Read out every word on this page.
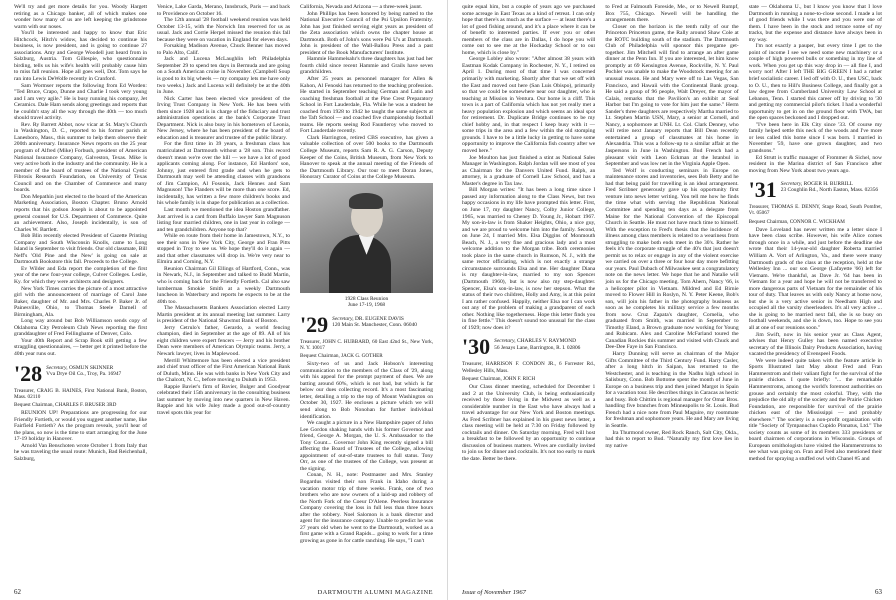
We'll try and get more details for you. Woody Hargett retiring as a Chicago banker, all of which makes one wonder how many of us are left keeping the grindstone warm with our noses.

You'll be interested and happy to know that Eric Hitchcock, Hitch's widow, has decided to continue his business, is now president, and is going to continue 27 associations. Amy and George Woodell just heard from in Salzburg, Austria. Tom Gillespie, who questionnaire birding, tells us his wife's health will probably cause him to miss fall reunion. Hope all goes well, Dot. Tom says he ran into Lewis DeWolfe recently in Cranford.

Sam Wormser reports the following from Ed Worden: "Ted Bruce, Crapo, Dunne and Charlie I took very young and I am very agile." He is busy running his company, Jet Ceramics. Dale Ham sends along greetings and reports that he couldn't stay all the way through the 40th — too much should travel activity.

Rev. Ry Barrett Abbot, now vicar at St. Mary's Church in Washington, D. C., reported to his former parish at Lanesboro, Mass., this summer to help them observe their 200th anniversary. Insurance News reports on the 25 year program of Alfred (Mike) Forbush, president of American National Insurance Company, Galveston, Texas. Mike is very active both in the industry and the community. He is a member of the board of trustees of the National Cystic Fibrosis Research Foundation, on University of Texas Council and on the Chamber of Commerce and many boards.

Don Mepathin just elected to the board of the American Marketing Association, Boston Chapter. Bruno Arnold reports that his godson Joseph is about to be appointed general counsel for U.S. Department of Commerce. Quite an achievement. Also, Joseph incidentally, is son of Charles W. Bartlett.

Bob Blin recently elected President of Gazette Printing Company and South Wisconsin Knolls, came to Long Island in September to visit friends. Our old classmate, Bill Neff's 'Old Pine and the New' is going on sale at Dartmouth Bookstore this fall. Proceeds to the College.

Ev Wilder and Eda report the completion of the first year of the new four-year college, Culver Colleges. Leslie, Ky. for which they were architects and designers.

New York Times carries the picture of a most attractive girl with the announcement of marriage of Carol Jane Baker, daughter of Mr. and Mrs. Charles P. Baker Jr. of Painesville, Ohio, to Thomas Steele Darnell of Birmingham, Ala.

Long way around but Bob Williamson sends copy of Oklahoma City Petroleum Club News reporting the first granddaughter of Fred Fellinghame of Denver, Colo.

Your 40th Report and Scrap Book still getting a few straggling questionnaires, — better get it printed before the 40th year runs out.

'28 Secretary, OSMUN SKINNER
Vva Drye Oil Co., Troy, Pa. 16947
Treasurer, CRAIG B. HAINES, First National Bank, Boston, Mass. 02110
Bequest Chairman, CHARLES F. BRUSER 3RD

REUNION UP! Preparations are progressing for our Friendly Fortieth, or would you suggest another name, like Fairfield Fortieth? As the program reveals, you'll hear of the plans, so now is the time to start arranging for the June 17-19 holiday in Hanover.

Arnold Van Benschoten wrote October 1 from Italy that he was traveling the usual route: Munich, Bad Reichenhall, Salzburg,

Venice, Lake Garda, Merano, Innsbruck, Paris — and back to Providence on October 16.

The 12th annual '28 football weekend reunion was held October 13-15, with the Norwich Inn reserved for us as usual. Jack and Corrie Herpel missed the reunion this fall because they were on vacation in England for eleven days.

Forsaking Madison Avenue, Chuck Benner has moved to Palo Alto, Calif.

Jack and Lucena McLaughlin left Philadelphia September 29 to spend ten days in Bermuda and are going on a South American cruise in November. (Campbell Soup is good to its big wheels — my company lets me have only two weeks.) Jack and Lucena will definitely be at the 40th in June.

Nick Carter has been elected vice president of the Irving Trust Company in New York. He has been with them since 1928 and is in charge of the fiduciary and trust administration operations at the bank's Corporate Trust Department. Nick is also busy in his hometown of Leonia, New Jersey, where he has been president of the board of education and is treasurer and trustee of the public library.

For the first time in 39 years, a freshman class has matriculated at Dartmouth without a '28 son. This record doesn't mean we're over the hill — we have a lot of good applicants coming along. For instance, Ed Hardors' son, Johnny, just entered first grade and when he gets to Dartmouth may well be attending classes with grandsons of Jim Campion, Al Fosonis, Jack Hennes and Sam Magnuson! The Flanders will be more than one score. Ed, incidentally, has written a few more children's books and his whole family is in shape for publication as a collection.

Last month we mentioned the idea Hoston grandfather. Just arrived is a card from Buffalo lawyer Sam Magnuson listing four married children, one in last year in college — and ten grandchildren. Anyone top that?

While en route from their home in Jamestown, N.Y., to see their sons in New York City, George and Fran Pitts stopped in Troy to see us. We hope they'll do it again — and that other classmates will drop in. We're very near to Elmira and Corning, N.Y.

Reunion Chairman Gil Ellings of Hartford, Conn., was in Newark, N.J., in September and talked to Budd Martin, who is coming back for the Friendly Fortieth. Cal also saw lumberman Smokie Smith at a weekly Dartmouth luncheon in Waterbury and reports he expects to be at the 40th too.

The Massachusetts Bankers Association elected Larry Martin president at its annual meeting last summer. Larry is president of the National Shawmut Bank of Boston.

Jerry Cetrulo's father, Gerardo, a world fencing champion, died in September at the age of 89. All of his eight children were expert fencers — Jerry and his brother Dean were members of American Olympic teams. Jerry, a Newark lawyer, lives in Maplewood.

Merrill Whittemore has been elected a vice president and chief trust officer of the First American National Bank of Duluth, Minn. He was with banks in New York City and the Chalcott, N. C., before moving to Duluth in 1953.

Rappie Bavier's firm of Bavier, Bulger and Goodyear celebrated their 15th anniversary in the consulting business last summer by moving into new quarters in New Haven. Rappie and his wife Juley made a good out-of-country travel spots this year for

California, Nevada and Arizona — a three-week jaunt.

John Phillips has been honored by being named to the National Executive Council of the Psi Upsilon Fraternity. John has just finished serving eight years as president of the Zeta association which owns the chapter house at Dartmouth. Both of John's sons were Psi U's at Dartmouth. John is president of the Wall-Ballou Press and a past president of the Book Manufacturers' Institute.

Hammie Hammelsahr's three daughters has just had her fourth child since recent Hammie and Grails have seven grandchildren.

After 25 years as personnel manager for Allen & Kahon, Al Fenoski has returned to the teaching profession. He started in September teaching German and Latin and coaching freshman football at the Pine Crest Preparatory School in Fort Lauderdale, Fla. While he was a student he coached from 1928 to 1942 he taught the same subjects at the Taft School — and coached five championship football teams. He reports seeing Rod Fauntleroy who moved to Fort Lauderdale recently.

Clark Harrington, retired CBS executive, has given a valuable collection of over 500 books to the Dartmouth College Museum, reports Sam R. A. G. Carson, Deputy Keeper of the Coins, British Museum, from New York to Hanover to speak at the annual meeting of the Friends of the Dartmouth Library. Our tour to meet Doran Jones, Honorary Curator of Coins at the College Museum.

1928 Class Reunion
June 17-19, 1968
'29 Secretary, DR. EUGENE DAVIS
120 Main St. Manchester, Conn. 06040
Treasurer, JOHN C. HUBBARD, 60 East 42nd St., New York, N. Y. 10017
Bequest Chairman, JACK G. GOTHER

Sixty-two of us and Jack Hobson's interesting communication to the members of the Class of '29, along with his appeal for the prompt payment of dues. We are batting around 60%, which is not bad, but which is far below our dues collecting record. It's a most fascinating letter, detailing a trip to the top of Mount Washington on October 30, 1927. He encloses a picture which we will send along to Bob Nonohan for further individual identification.

We caught a picture in a New Hampshire paper of John Lee Gordon shaking hands with his former Governor and friend, George A. Morgan, the U. S. Ambassador to the Tony Count... Governor John King recently signed a bill affecting the Board of Trustees of the College, allowing appointment of out-of-state trustees to full status. Tony Orr, as one of the trustees of the College, was present at the signing.

Conan, N. H., note: Postmaster and Mrs. Stanley Bogardus visited their son Frank in Idaho during a vacation motor trip of three weeks. Frank, one of two brothers who are now owners of a laid-up and robbery of the North Fork of the Coeur D'Alene. Peerless Insurance Company covering the loss in full less than three hours after the robbery. Noel Salomon is a bank director and agent for the insurance company. Unable to predict he was 27 years old when he went to the Dartmouth, worked as a first game with a Grand Rapids... going to work for a time growing as gone in for cattle ranching. He says, "I can't

62	DARTMOUTH ALUMNI MAGAZINE

quite equal him, but a couple of years ago we purchased some acreage in East Texas as a kind of retreat. I can only hope that there's as much as the surface — at least there's a lot of good fishing around, and it's a place where it can be of benefit to interested parties. If ever you or other members of the class are in Dallas, I do hope you will come out to see me at the Hockaday School or to our home, which is close by."

George Lobley also wrote: "After almost 38 years with Eastman Kodak Company in Rochester, N. Y., I retired on April 1. During most of that time I was concerned primarily with marketing. Shortly after that we set off with the East and moved out here (San Luis Obispo), primarily so that we could be somewhere near our daughter, who is teaching at Mission in Ventura. Our home is a cliff. This town is a part of California which has not yet really met a heavy population explosion and which seems an ideal spot for retirement. Dr. Duplicate Bridge continues to be my chief hobby and, in that respect I keep busy with it — some trips in the area and a few within the old stomping grounds. I have to be a little lucky in getting to have some opportunity to improve the California fish country after we moved here."

Joe Moulton has just finished a stint as National Sales Manager in Washington. Ralph Jordan will see most of you as Chairman for the Danvers United Fund. Ralph, an attorney, is a graduate of Cornell Law School, and has a Master's degree in Tax law.

Bill Morgan writes: "It has been a long time since I passed any information along to the Class News, but two happy occasions in my life have prompted this letter. First, on June 17, my daughter Nancy, Colby Junior College, 1965, was married to Cheney D. Young Jr., Hobart 1967. My son-in-law is from Shaker Heights, Ohio, a nice guy, and we are proud to welcome him into the family. Second, on June 24, I married Mrs. Elsa Diggins of Monmouth Beach, N. J., a very fine and gracious lady and a most welcome addition to the Morgan tribe. Both ceremonies took place in the same church in Rumson, N. J., with the same rector officiating, which is not exactly a strange circumstance surrounds Elsa and me. Her daughter Diana is my daughter-in-law, married to my son Spencer (Dartmouth 1960), but is now also my step-daughter. Spencer, Elsa's son-in-law, is now her stepson. What the status of their two children, Holly and Amy, is at this point I am rather confused. Happily, neither Elsa nor I can work out any of the problem of making a grandparent of each other. Nothing like togetherness. Hope this letter finds you in fine fettle." This doesn't sound too unusual for the class of 1929; now does it?

'30 Secretary, CHARLES V. RAYMOND
56 Jenays Lane, Barrington, R. I. 02806
Treasurer, HARRISON F. CONDON JR., 6 Forrester Rd., Wellesley Hills, Mass.
Bequest Chairman, JOHN F. RICH

Our Class dinner meeting, scheduled for December 1 and 2 at the University Club, is being enthusiastically received by those living in the Midwest as well as a considerable number in the East who have always had a travel advantage for our New York and Boston meetings. As Fred Scribner has explained in his guest news letter, a class meeting will be held at 7:30 on Friday followed by cocktails and dinner. On Saturday morning, Fred will host a breakfast to be followed by an opportunity to continue discussion of business matters. Wives are cordially invited to join us for dinner and cocktails. It's not too early to mark the date. Better be there.

to Fred at Falmouth Foreside, Me., or to Newell Rumpf, Box 755, Chicago. Newell will be handling the arrangements there.

Closer on the horizon is the tenth rally of our the Princeton Princeton game, the Rally around Shaw Cole at the ROTC building south of the stadium. The Dartmouth Club of Philadelphia will sponsor this pregame get-together. Jim Mitchell will find to arrange an after game dinner at the Penn Inn. If you are interested, let him know promptly at 69 Kensington Avenue, Rockville, N. Y. Paul Pochler was unable to make the Woodstock meeting for an unusual reason. He and Mary were off to Las Vegas, San Francisco, and Hawaii with the Continental Bank group. He said a group of 96 people, Walt Dreyer, the mayor of Calais, remarks that the Pavilion's an exhibit at Seal Harbor but I'm going to vote for him just the same." Herm Sander's three daughters are respectively Martha married to Lt. Stephen Martin USN, Mary, a senior at Cornell, and Nancy, a sophomore at UNH. Lt. Col. Clark Denney, who will retire next January reports that Bill Dean recently entertained a group of classmates at his home in Alexandria. This was a follow-up to a similar affair at the Jaspersons in June in Washington. Bud French had a pleasant visit with Leon Eckman at the Istanbul in September and was low net in the Virginia Apple Open.

Ted Wolf is conducting seminars in Europe on maintenance stores and inventories, sees Bob Betty and he had that being paid for travelling is an ideal arrangement. Fred Scribner generously gave up his opportunity first venture into news letter writing. You tell me how he finds the time what with serving the Republican National Committee and spending ten days as a delegate from Maine for the National Convention of the Episcopal Church in Seattle. He must not have much time to himself. With the exception to Fred's thesis that the incidence of illness among class members is related to a weariness from struggling to make both ends meet in the 30's. Rather he feels it's the corporate struggle of the 40's that just doesn't permit us to relax or engage in any of the violent exercise we carried on over a three or four hour day more befitting our years. Paul Dubach of Milwaukee sent a congratulatory note on the news letter. We hope that he and Natalie will join us for the Chicago meeting. Tom Ahern, Nancy '66, is a helicopter pilot in Vietnam. Mildred and Ed Birnie moved to Flower Hill in Roslyn, N. Y. Peter Keene, Bob's son, will join his father in the photography business as soon as he completes his military service a few months from now. Cruz Zapata's daughter, Cornelia, who graduated from Smith, was married in September to Timothy Eland, a Brown graduate now working for Young and Rubicam. Alex and Caroline McFarland toured the Canadian Rockies this summer and visited with Chuck and Dee-Dee Faye in San Francisco.

Harry Dunning will serve as chairman of the Major Gifts Committee of the Third Century Fund. Harry Casler, after a long hitch in Saipan, has returned to the Westchester, and is teaching in the Nadhu high school in Salisbury, Conn. Bob Bottome spent the month of June in Europe on a business trip and then joined Margot in Spain for a vacation tour. He describes things in Caracas as hectic and busy. Bob Chittim is regional manager for Omar Bros. handling five branches from Minneapolis to St. Louis. Bud French had a nice note from Paul Maguire, my roommate for freshman and sophomore years. He and Mary are living in Seattle.

Ira Thurmond owner, Red Rock Ranch, Salt City, Okla., had this to report to Bud. "Naturally my first love lies in my native

state — Oklahoma U., but I know you know that I love Dartmouth in running a none-to-close second. I made a lot of good friends while I was there and you were one of them. I have been in the stock and retrace some of my tracks, but the expense and distance have always been in my way.

I'm not exactly a pauper, but every time I get to the point of income I see we need some new machinery or a couple of high powered bulls or something in my line of work. When you get up this way drop in — all fine I, and worry not! After I left THE BIG GREEN I had a rather brief socialistic career. I led off with O. U., then USC, back to O. U., then to Hill's Business College, and finally got a law degree from Cumberland University Law School at Lebanon, Tenn. I started this career off by driving to '30 and getting my commercial pilot's ticket. I had a wonderful opportunity to get in on the ground floor with TWA, but the open spaces beckoned and I dropped out.

"I've been here in Elk City since '33. Of course my family helped settle this neck of the woods and I've more or less called this home since I was born. I married in November '59, have one grown daughter, and two grandsons."

Ed Strutt is traffic manager of Frommer & Sichel, now resident in the Marina district of San Francisco after moving from New York about two years ago.

'31 Secretary, ROGER H. BURRILL
23 Coughlin Rd., North Easton, Mass. 02356
Treasurer, THOMAS E. DENNY, Stage Road, South Pomfret, Vt. 05067
Bequest Chairman, CONNOR C. WICKHAM

Dave Loveland has never written me a letter since I have been class scribe. However, his wife Alice comes through once in a while, and just before the deadline she wrote that their 14-year-old daughter Roberta married William A. Vort of Arlington, Va., and there were many Dartmouth grads of the class at the reception, held at the Wellesley Inn ... our son George (Lafayette '66) left for Vietnam. We're thankful, as Dave Jr. '64 has been in Vietnam for a year and hope he will not be transferred to more dangerous parts of Vietnam for the remainder of his tour of duty. That leaves us with only Nancy at home now, but she is a very active senior in Needham High and occupied all the varsity cheerleaders. It's all very active ... she is going to be married next fall, she is so busy on football weekends, and she is down, too. Hope to see you all at one of our reunions soon."

Jim Swift, now in his senior year as Class Agent, advises that Henry Gulley has been named executive secretary of the Illinois Dairy Products Association, having vacated the presidency of Evenspeel Foods.

We were indeed quite taken with the feature article in Sports Illustrated last May about Fred and Fran Hammerstrom and their valiant fight for the survival of the prairie chicken. I quote briefly: "... the remarkable Hammerstroms, among the world's foremost authorities on grouse and certainly the most colorful. They, with the prejudice the old ally of the society and the Prairie Chicken Foundation, are responsible for survival of the prairie chicken east of the Mississippi — and probably elsewhere." The society is a non-profit organization with title "Society of Tympanuchus Cupido Pinnatus, Ltd." The society counts as some of its members 333 presidents or board chairmen of corporations in Wisconsin. Groups of European ornithologists have visited the Hammerstroms to see what was going on. Fran and Fred also mentioned their method for spraying a stuffed owl with Chanel #5 and

Issue of November 1967	63
